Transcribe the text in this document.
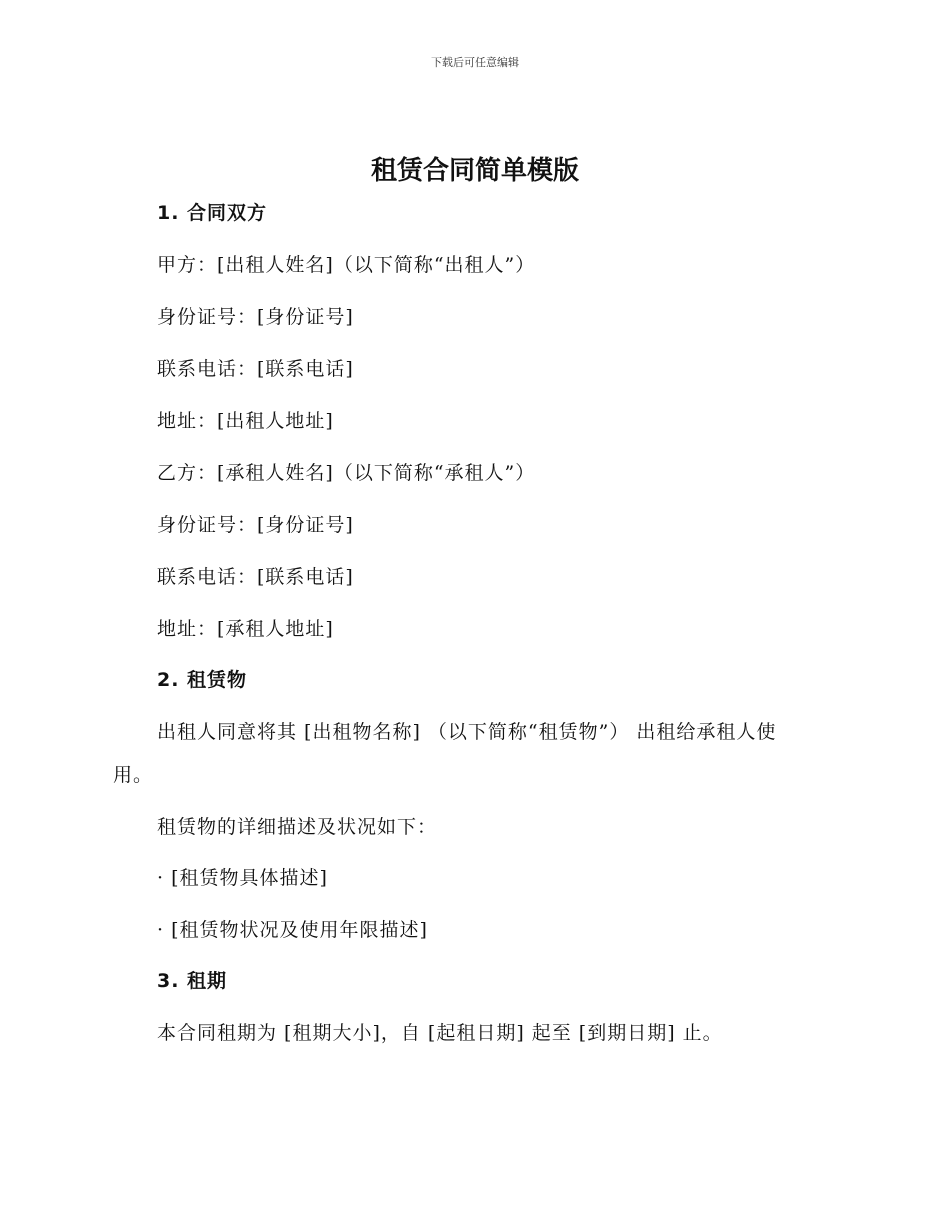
下载后可任意编辑
租赁合同简单模版
1. 合同双方
甲方：[出租人姓名]（以下简称“出租人”）
身份证号：[身份证号]
联系电话：[联系电话]
地址：[出租人地址]
乙方：[承租人姓名]（以下简称“承租人”）
身份证号：[身份证号]
联系电话：[联系电话]
地址：[承租人地址]
2. 租赁物
出租人同意将其 [出租物名称] （以下简称“租赁物”） 出租给承租人使
用。
租赁物的详细描述及状况如下：
· [租赁物具体描述]
· [租赁物状况及使用年限描述]
3. 租期
本合同租期为 [租期大小]，自 [起租日期] 起至 [到期日期] 止。
